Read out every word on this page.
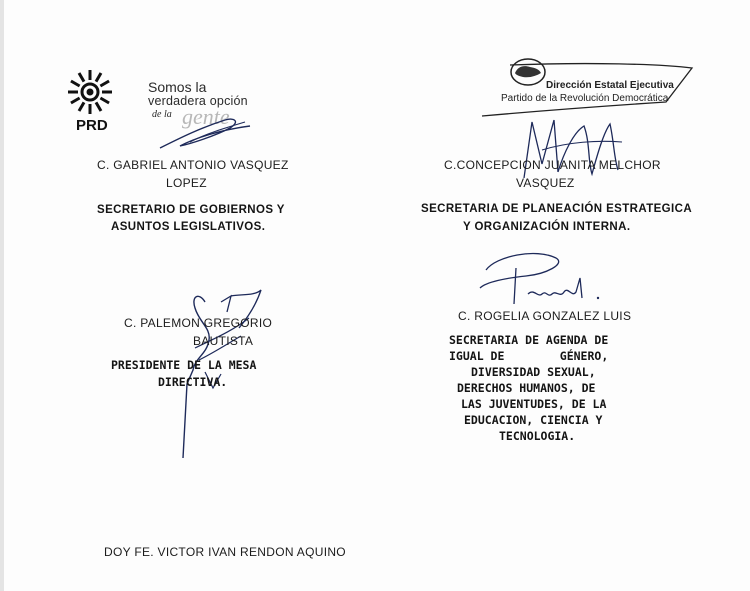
PRD
Somos la
verdadera opción
de la gente
C. GABRIEL ANTONIO VASQUEZ
LOPEZ
SECRETARIO DE GOBIERNOS Y
ASUNTOS LEGISLATIVOS.
Dirección Estatal Ejecutiva
Partido de la Revolución Democrática
C.CONCEPCION JUANITA MELCHOR
VASQUEZ
SECRETARIA DE PLANEACIÓN ESTRATEGICA
Y ORGANIZACIÓN INTERNA.
C. ROGELIA GONZALEZ LUIS
SECRETARIA DE AGENDA DE
IGUAL DE        GÉNERO,
DIVERSIDAD SEXUAL,
DERECHOS HUMANOS, DE
LAS JUVENTUDES, DE LA
EDUCACION, CIENCIA Y
TECNOLOGIA.
C. PALEMON GREGORIO
BAUTISTA
PRESIDENTE DE LA MESA
DIRECTIVA.
DOY FE. VICTOR IVAN RENDON AQUINO
